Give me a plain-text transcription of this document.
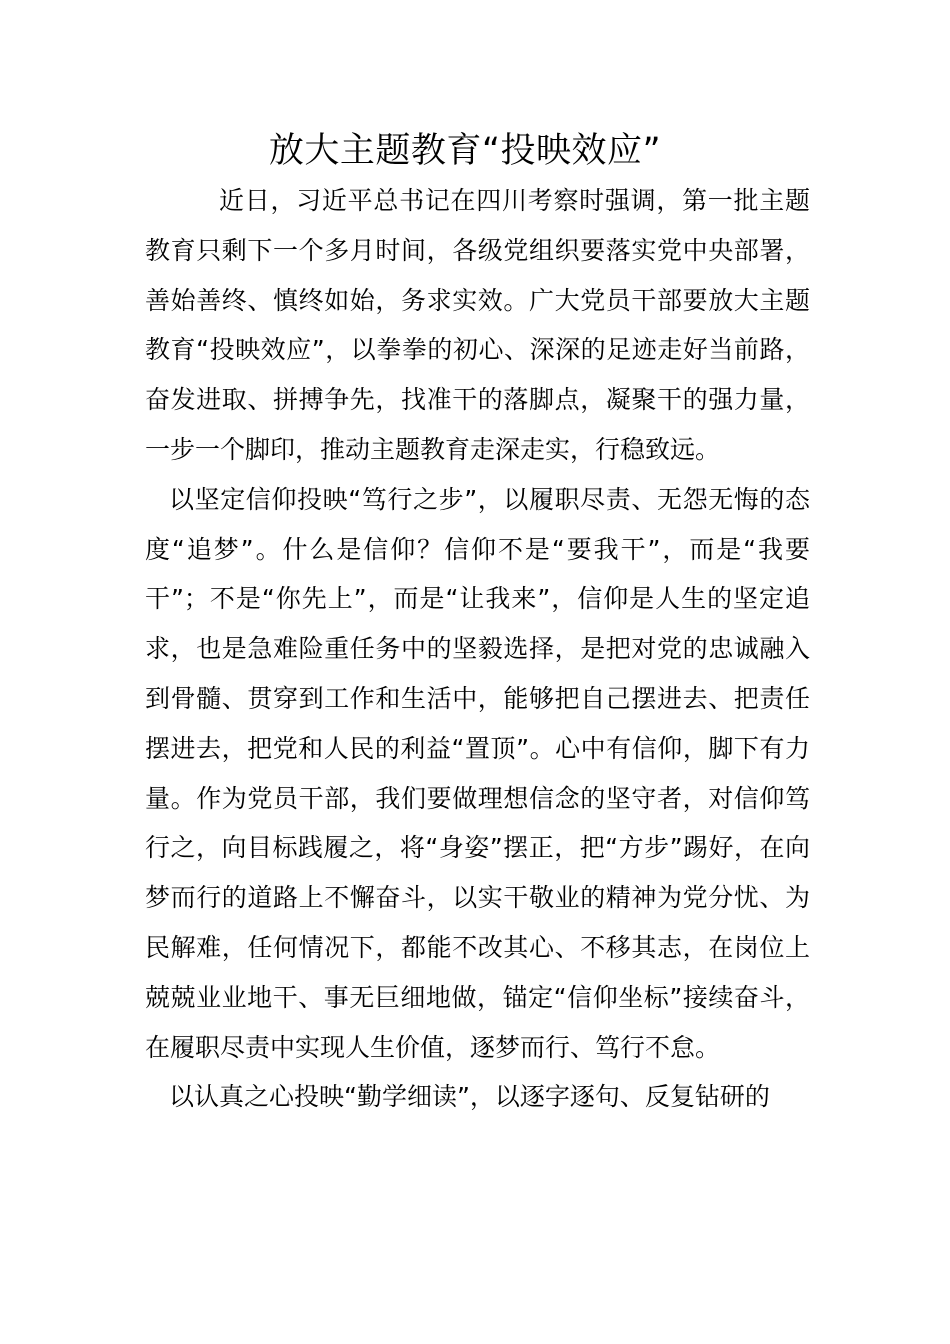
放大主题教育“投映效应”

近日，习近平总书记在四川考察时强调，第一批主题教育只剩下一个多月时间，各级党组织要落实党中央部署，善始善终、慎终如始，务求实效。广大党员干部要放大主题教育“投映效应”，以拳拳的初心、深深的足迹走好当前路，奋发进取、拼搏争先，找准干的落脚点，凝聚干的强力量，一步一个脚印，推动主题教育走深走实，行稳致远。

以坚定信仰投映“笃行之步”，以履职尽责、无怨无悔的态度“追梦”。什么是信仰？信仰不是“要我干”，而是“我要干”；不是“你先上”，而是“让我来”，信仰是人生的坚定追求，也是急难险重任务中的坚毅选择，是把对党的忠诚融入到骨髓、贯穿到工作和生活中，能够把自己摆进去、把责任摆进去，把党和人民的利益“置顶”。心中有信仰，脚下有力量。作为党员干部，我们要做理想信念的坚守者，对信仰笃行之，向目标践履之，将“身姿”摆正，把“方步”踢好，在向梦而行的道路上不懈奋斗，以实干敬业的精神为党分忧、为民解难，任何情况下，都能不改其心、不移其志，在岗位上兢兢业业地干、事无巨细地做，锚定“信仰坐标”接续奋斗，在履职尽责中实现人生价值，逐梦而行、笃行不怠。

以认真之心投映“勤学细读”，以逐字逐句、反复钻研的
